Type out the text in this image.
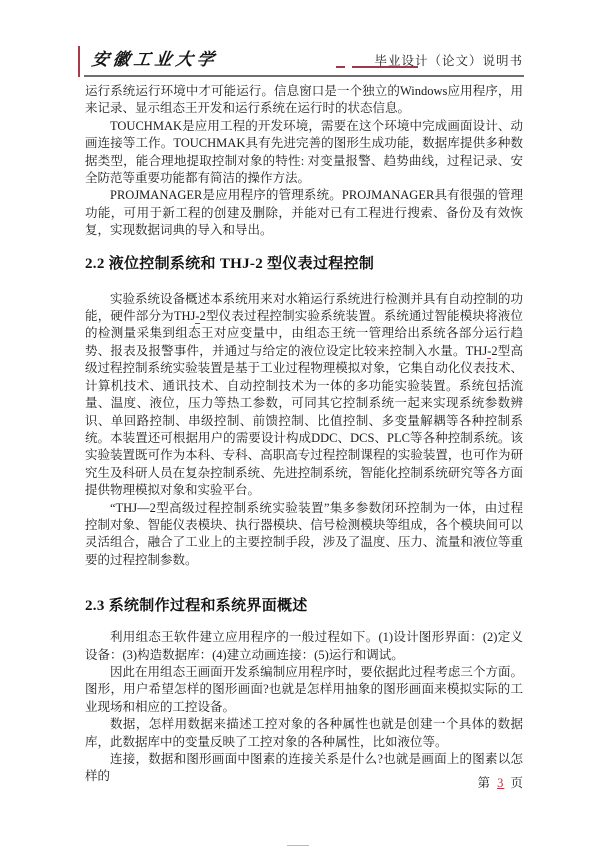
安徽工业大学	毕业设计（论文）说明书

运行系统运行环境中才可能运行。信息窗口是一个独立的Windows应用程序，用来记录、显示组态王开发和运行系统在运行时的状态信息。

TOUCHMAK是应用工程的开发环境，需要在这个环境中完成画面设计、动画连接等工作。TOUCHMAK具有先进完善的图形生成功能，数据库提供多种数据类型，能合理地提取控制对象的特性: 对变量报警、趋势曲线，过程记录、安全防范等重要功能都有简洁的操作方法。

PROJMANAGER是应用程序的管理系统。PROJMANAGER具有很强的管理功能，可用于新工程的创建及删除，并能对已有工程进行搜索、备份及有效恢复，实现数据词典的导入和导出。

2.2 液位控制系统和 THJ-2 型仪表过程控制

实验系统设备概述本系统用来对水箱运行系统进行检测并具有自动控制的功能，硬件部分为THJ-2型仪表过程控制实验系统装置。系统通过智能模块将液位的检测量采集到组态王对应变量中，由组态王统一管理给出系统各部分运行趋势、报表及报警事件，并通过与给定的液位设定比较来控制入水量。THJ-2型高级过程控制系统实验装置是基于工业过程物理模拟对象，它集自动化仪表技术、计算机技术、通讯技术、自动控制技术为一体的多功能实验装置。系统包括流量、温度、液位，压力等热工参数，可同其它控制系统一起来实现系统参数辨识、单回路控制、串级控制、前馈控制、比值控制、多变量解耦等各种控制系统。本装置还可根据用户的需要设计构成DDC、DCS、PLC等各种控制系统。该实验装置既可作为本科、专科、高职高专过程控制课程的实验装置，也可作为研究生及科研人员在复杂控制系统、先进控制系统，智能化控制系统研究等各方面提供物理模拟对象和实验平台。

“THJ—2型高级过程控制系统实验装置”集多参数闭环控制为一体，由过程控制对象、智能仪表模块、执行器模块、信号检测模块等组成，各个模块间可以灵活组合，融合了工业上的主要控制手段，涉及了温度、压力、流量和液位等重要的过程控制参数。

2.3 系统制作过程和系统界面概述

利用组态王软件建立应用程序的一般过程如下。(1)设计图形界面：(2)定义设备：(3)构造数据库：(4)建立动画连接：(5)运行和调试。

因此在用组态王画面开发系编制应用程序时，要依据此过程考虑三个方面。图形，用户希望怎样的图形画面?也就是怎样用抽象的图形画面来模拟实际的工业现场和相应的工控设备。

数据，怎样用数据来描述工控对象的各种属性也就是创建一个具体的数据库，此数据库中的变量反映了工控对象的各种属性，比如液位等。

连接，数据和图形画面中图素的连接关系是什么?也就是画面上的图素以怎样的	第 3 页
